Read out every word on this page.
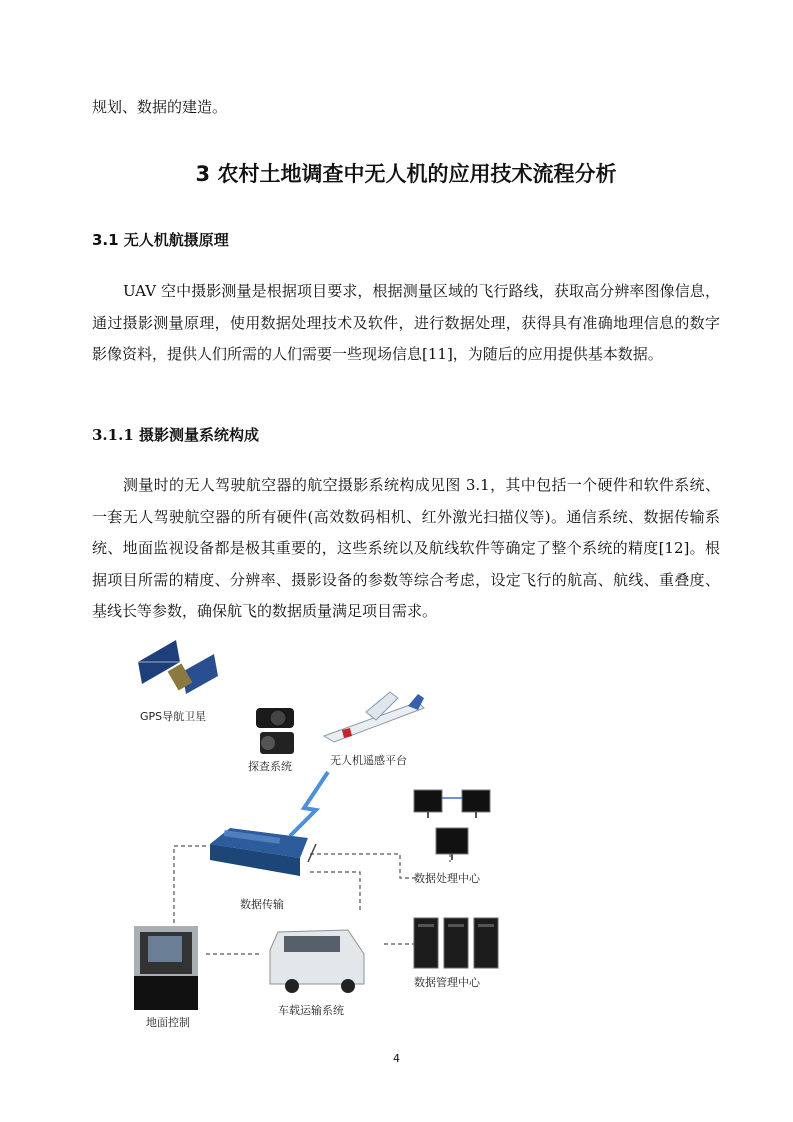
规划、数据的建造。

3 农村土地调查中无人机的应用技术流程分析
3.1 无人机航摄原理

UAV 空中摄影测量是根据项目要求，根据测量区域的飞行路线，获取高分辨率图像信息，通过摄影测量原理，使用数据处理技术及软件，进行数据处理，获得具有准确地理信息的数字影像资料，提供人们所需的人们需要一些现场信息[11]，为随后的应用提供基本数据。

3.1.1 摄影测量系统构成

测量时的无人驾驶航空器的航空摄影系统构成见图 3.1，其中包括一个硬件和软件系统、一套无人驾驶航空器的所有硬件(高效数码相机、红外激光扫描仪等)。通信系统、数据传输系统、地面监视设备都是极其重要的，这些系统以及航线软件等确定了整个系统的精度[12]。根据项目所需的精度、分辨率、摄影设备的参数等综合考虑，设定飞行的航高、航线、重叠度、基线长等参数，确保航飞的数据质量满足项目需求。

GPS导航卫星
探查系统	无人机遥感平台
数据传输
数据处理中心
地面控制
车载运输系统
数据管理中心
4
